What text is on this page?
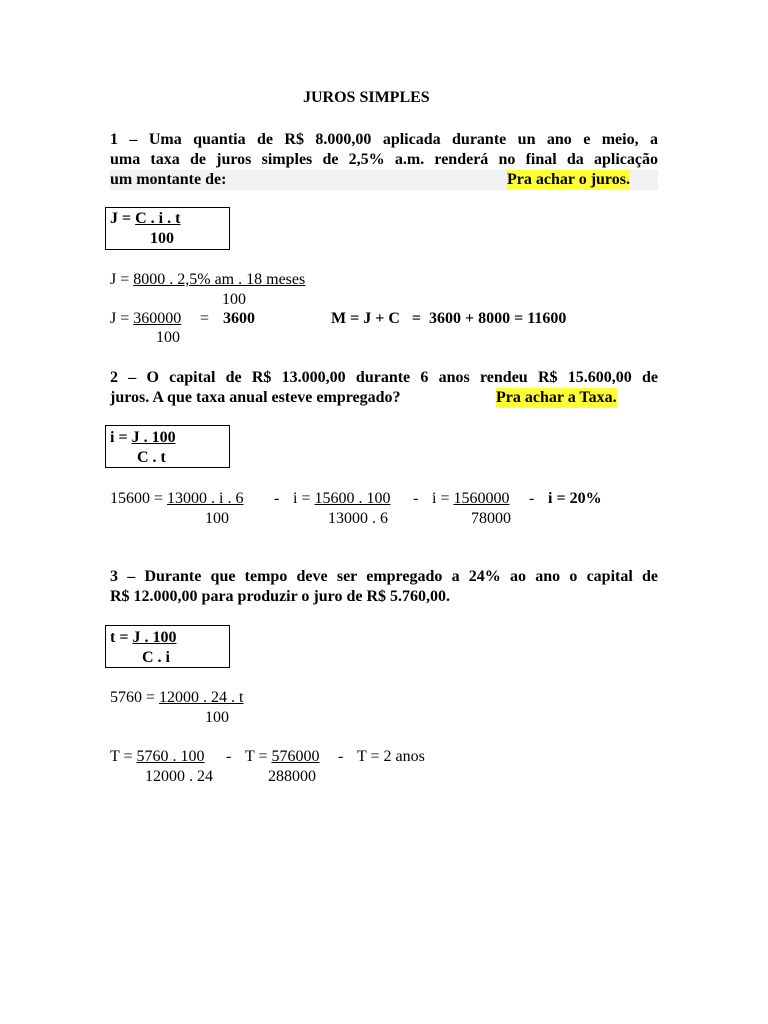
JUROS SIMPLES
1 – Uma quantia de R$ 8.000,00 aplicada durante un ano e meio, a
uma taxa de juros simples de 2,5% a.m. renderá no final da aplicação
um montante de:	Pra achar o juros.
J = C . i . t
100
J = 8000 . 2,5% am . 18 meses
100
J = 360000 = 3600
100
M = J + C   =  3600 + 8000 = 11600
2 – O capital de R$ 13.000,00 durante 6 anos rendeu R$ 15.600,00 de
juros. A que taxa anual esteve empregado?	Pra achar a Taxa.
i = J . 100
C . t
15600 = 13000 . i . 6
100
- i = 15600 . 100
13000 . 6
- i = 1560000
78000
- i = 20%
3 – Durante que tempo deve ser empregado a 24% ao ano o capital de
R$ 12.000,00 para produzir o juro de R$ 5.760,00.
t = J . 100
C . i
5760 = 12000 . 24 . t
100
T = 5760 . 100
12000 . 24
- T = 576000
288000
- T = 2 anos
